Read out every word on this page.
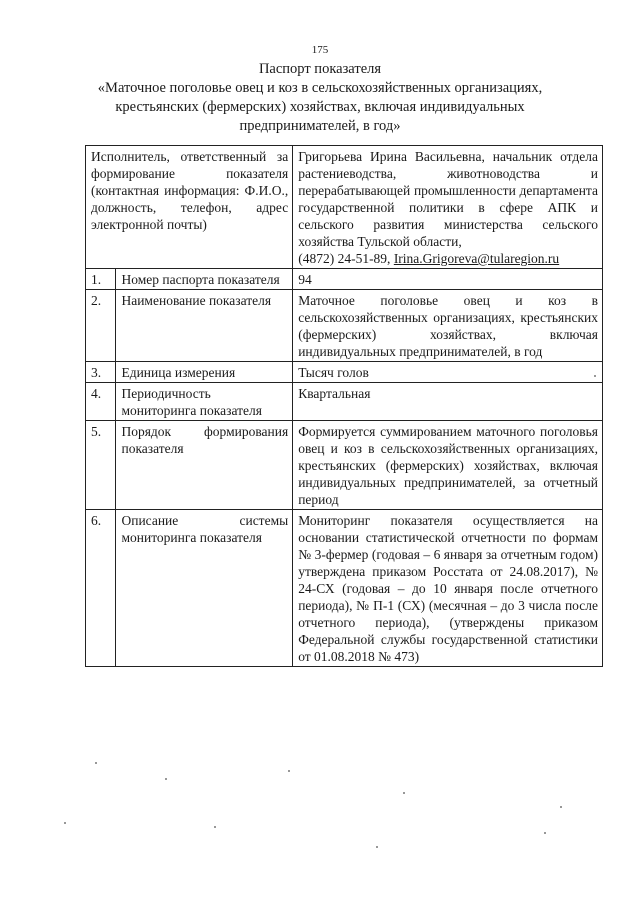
175
Паспорт показателя
«Маточное поголовье овец и коз в сельскохозяйственных организациях,
крестьянских (фермерских) хозяйствах, включая индивидуальных
предпринимателей, в год»
Исполнитель, ответственный за формирование показателя (контактная информация: Ф.И.О., должность, телефон, адрес электронной почты)		Григорьева Ирина Васильевна, начальник отдела растениеводства, животноводства и перерабатывающей промышленности департамента государственной политики в сфере АПК и сельского развития министерства сельского хозяйства Тульской области,
(4872) 24-51-89, Irina.Grigoreva@tularegion.ru
1.	Номер паспорта показателя	94
2.	Наименование показателя	Маточное поголовье овец и коз в сельскохозяйственных организациях, крестьянских (фермерских) хозяйствах, включая индивидуальных предпринимателей, в год
3.	Единица измерения	Тысяч голов
4.	Периодичность мониторинга показателя	Квартальная
5.	Порядок формирования показателя	Формируется суммированием маточного поголовья овец и коз в сельскохозяйственных организациях, крестьянских (фермерских) хозяйствах, включая индивидуальных предпринимателей, за отчетный период
6.	Описание системы мониторинга показателя	Мониторинг показателя осуществляется на основании статистической отчетности по формам № 3-фермер (годовая – 6 января за отчетным годом) утверждена приказом Росстата от 24.08.2017), № 24-СХ (годовая – до 10 января после отчетного периода), № П-1 (СХ) (месячная – до 3 числа после отчетного периода), (утверждены приказом Федеральной службы государственной статистики от 01.08.2018 № 473)
